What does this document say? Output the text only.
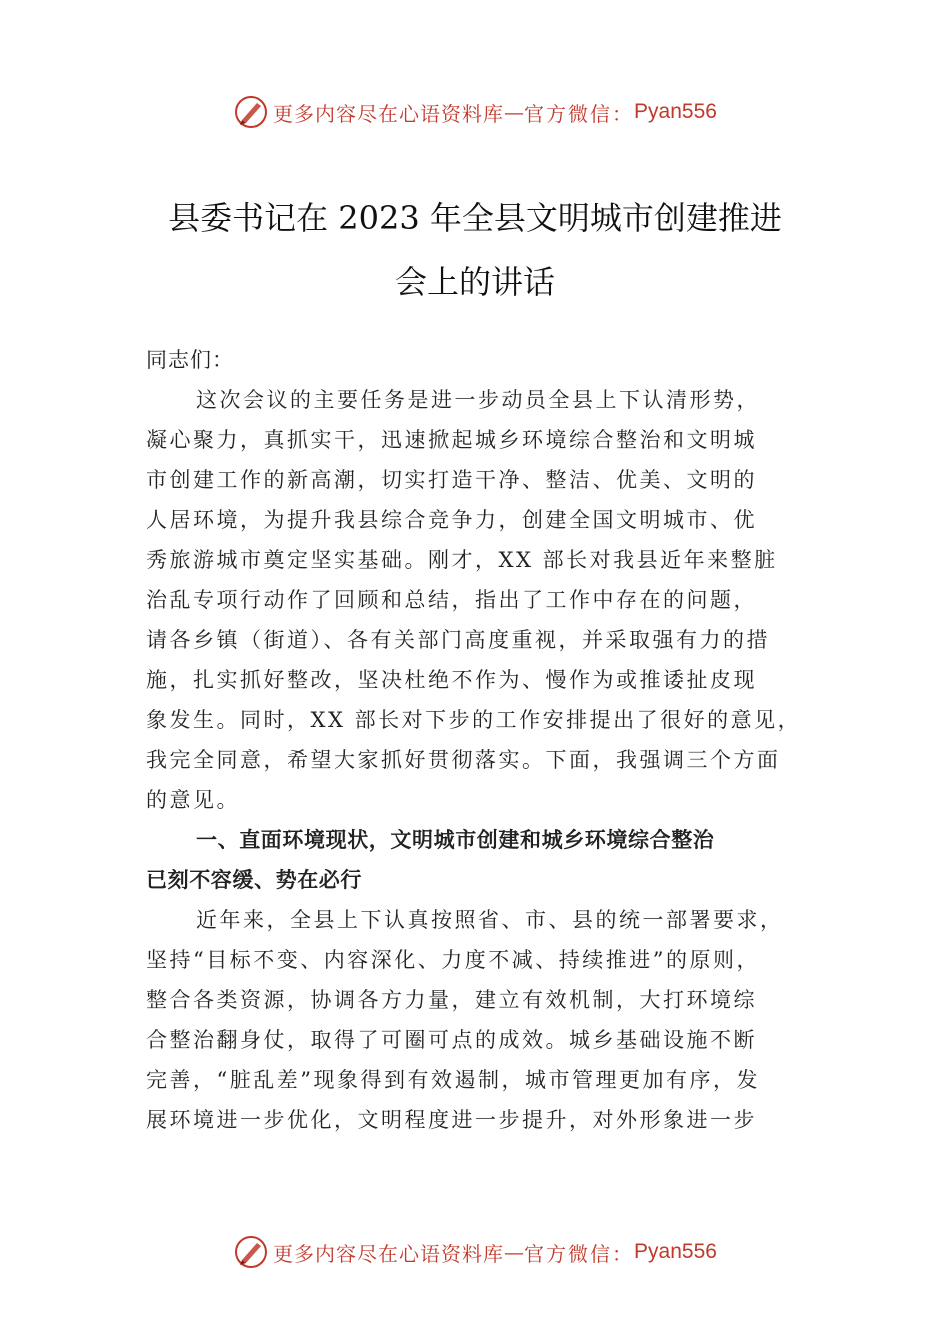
更多内容尽在心语资料库 — 官方微信： Pyan556
县委书记在 2023 年全县文明城市创建推进
会上的讲话
同志们：
这次会议的主要任务是进一步动员全县上下认清形势，
凝心聚力，真抓实干，迅速掀起城乡环境综合整治和文明城
市创建工作的新高潮，切实打造干净、整洁、优美、文明的
人居环境，为提升我县综合竞争力，创建全国文明城市、优
秀旅游城市奠定坚实基础。刚才，XX 部长对我县近年来整脏
治乱专项行动作了回顾和总结，指出了工作中存在的问题，
请各乡镇（街道）、各有关部门高度重视，并采取强有力的措
施，扎实抓好整改，坚决杜绝不作为、慢作为或推诿扯皮现
象发生。同时，XX 部长对下步的工作安排提出了很好的意见，
我完全同意，希望大家抓好贯彻落实。下面，我强调三个方面
的意见。
一、直面环境现状，文明城市创建和城乡环境综合整治
已刻不容缓、势在必行
近年来，全县上下认真按照省、市、县的统一部署要求，
坚持“目标不变、内容深化、力度不减、持续推进”的原则，
整合各类资源，协调各方力量，建立有效机制，大打环境综
合整治翻身仗，取得了可圈可点的成效。城乡基础设施不断
完善，“脏乱差”现象得到有效遏制，城市管理更加有序，发
展环境进一步优化，文明程度进一步提升，对外形象进一步
更多内容尽在心语资料库 — 官方微信： Pyan556
